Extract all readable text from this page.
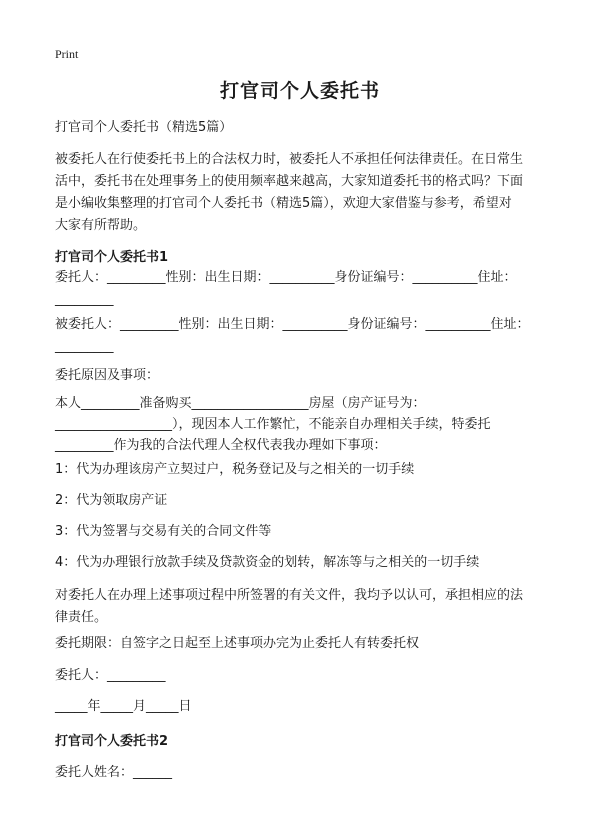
Print
打官司个人委托书

打官司个人委托书（精选5篇）

被委托人在行使委托书上的合法权力时，被委托人不承担任何法律责任。在日常生

活中，委托书在处理事务上的使用频率越来越高，大家知道委托书的格式吗？下面

是小编收集整理的打官司个人委托书（精选5篇），欢迎大家借鉴与参考，希望对

大家有所帮助。

打官司个人委托书1

委托人：_________性别：出生日期：__________身份证编号：__________住址：

_________

被委托人：_________性别：出生日期：__________身份证编号：__________住址：

_________

委托原因及事项：

本人_________准备购买__________________房屋（房产证号为：

__________________），现因本人工作繁忙，不能亲自办理相关手续，特委托

_________作为我的合法代理人全权代表我办理如下事项：

1：代为办理该房产立契过户，税务登记及与之相关的一切手续

2：代为领取房产证

3：代为签署与交易有关的合同文件等

4：代为办理银行放款手续及贷款资金的划转，解冻等与之相关的一切手续

对委托人在办理上述事项过程中所签署的有关文件，我均予以认可，承担相应的法

律责任。

委托期限：自签字之日起至上述事项办完为止委托人有转委托权

委托人：_________

_____年_____月_____日

打官司个人委托书2

委托人姓名：______
